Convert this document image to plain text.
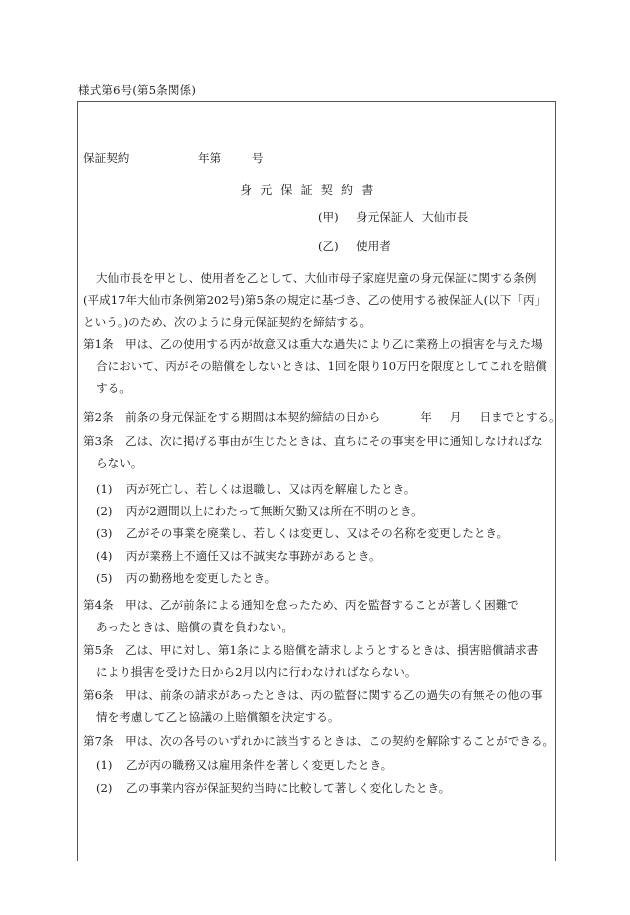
様式第6号(第5条関係)
保証契約	年第	号
身元保証契約書
(甲) 身元保証人 大仙市長
(乙) 使用者
大仙市長を甲とし、使用者を乙として、大仙市母子家庭児童の身元保証に関する条例
(平成17年大仙市条例第202号)第5条の規定に基づき、乙の使用する被保証人(以下「丙」
という。)のため、次のように身元保証契約を締結する。
第1条　甲は、乙の使用する丙が故意又は重大な過失により乙に業務上の損害を与えた場
合において、丙がその賠償をしないときは、1回を限り10万円を限度としてこれを賠償
する。
第2条　前条の身元保証をする期間は本契約締結の日から	年 月 日までとする。
第3条　乙は、次に掲げる事由が生じたときは、直ちにその事実を甲に通知しなければな
らない。
(1) 丙が死亡し、若しくは退職し、又は丙を解雇したとき。
(2) 丙が2週間以上にわたって無断欠勤又は所在不明のとき。
(3) 乙がその事業を廃業し、若しくは変更し、又はその名称を変更したとき。
(4) 丙が業務上不適任又は不誠実な事跡があるとき。
(5) 丙の勤務地を変更したとき。
第4条　甲は、乙が前条による通知を怠ったため、丙を監督することが著しく困難で
あったときは、賠償の責を負わない。
第5条　乙は、甲に対し、第1条による賠償を請求しようとするときは、損害賠償請求書
により損害を受けた日から2月以内に行わなければならない。
第6条　甲は、前条の請求があったときは、丙の監督に関する乙の過失の有無その他の事
情を考慮して乙と協議の上賠償額を決定する。
第7条　甲は、次の各号のいずれかに該当するときは、この契約を解除することができる。
(1) 乙が丙の職務又は雇用条件を著しく変更したとき。
(2) 乙の事業内容が保証契約当時に比較して著しく変化したとき。
